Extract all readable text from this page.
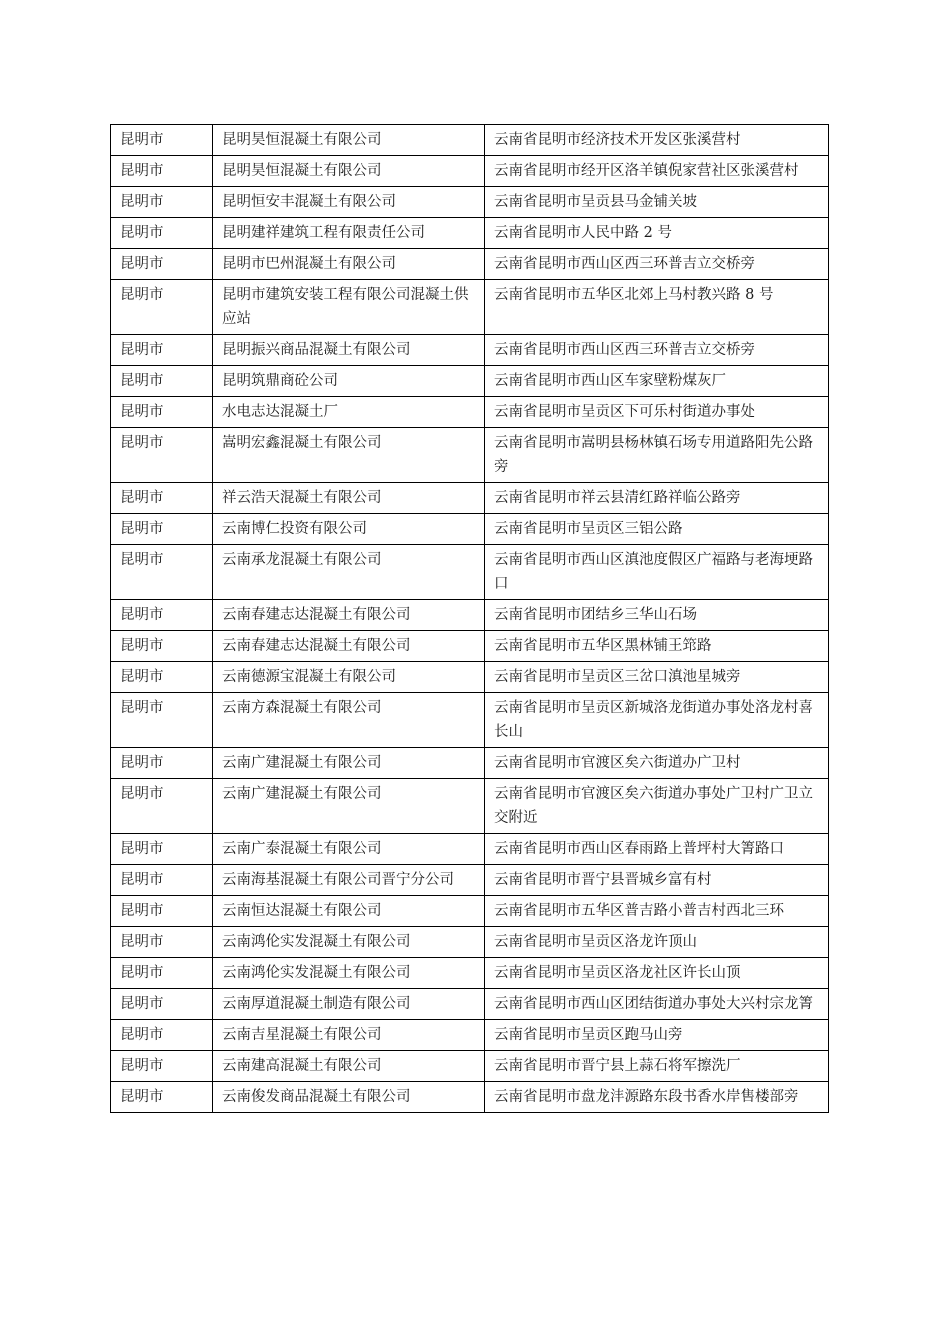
昆明市	昆明昊恒混凝土有限公司	云南省昆明市经济技术开发区张溪营村
昆明市	昆明昊恒混凝土有限公司	云南省昆明市经开区洛羊镇倪家营社区张溪营村
昆明市	昆明恒安丰混凝土有限公司	云南省昆明市呈贡县马金铺关坡
昆明市	昆明建祥建筑工程有限责任公司	云南省昆明市人民中路 2 号
昆明市	昆明市巴州混凝土有限公司	云南省昆明市西山区西三环普吉立交桥旁
昆明市	昆明市建筑安装工程有限公司混凝土供应站	云南省昆明市五华区北郊上马村教兴路 8 号
昆明市	昆明振兴商品混凝土有限公司	云南省昆明市西山区西三环普吉立交桥旁
昆明市	昆明筑鼎商砼公司	云南省昆明市西山区车家壁粉煤灰厂
昆明市	水电志达混凝土厂	云南省昆明市呈贡区下可乐村街道办事处
昆明市	嵩明宏鑫混凝土有限公司	云南省昆明市嵩明县杨林镇石场专用道路阳先公路旁
昆明市	祥云浩天混凝土有限公司	云南省昆明市祥云县清红路祥临公路旁
昆明市	云南博仁投资有限公司	云南省昆明市呈贡区三铝公路
昆明市	云南承龙混凝土有限公司	云南省昆明市西山区滇池度假区广福路与老海埂路口
昆明市	云南春建志达混凝土有限公司	云南省昆明市团结乡三华山石场
昆明市	云南春建志达混凝土有限公司	云南省昆明市五华区黑林铺王筇路
昆明市	云南德源宝混凝土有限公司	云南省昆明市呈贡区三岔口滇池星城旁
昆明市	云南方森混凝土有限公司	云南省昆明市呈贡区新城洛龙街道办事处洛龙村喜长山
昆明市	云南广建混凝土有限公司	云南省昆明市官渡区矣六街道办广卫村
昆明市	云南广建混凝土有限公司	云南省昆明市官渡区矣六街道办事处广卫村广卫立交附近
昆明市	云南广泰混凝土有限公司	云南省昆明市西山区春雨路上普坪村大箐路口
昆明市	云南海基混凝土有限公司晋宁分公司	云南省昆明市晋宁县晋城乡富有村
昆明市	云南恒达混凝土有限公司	云南省昆明市五华区普吉路小普吉村西北三环
昆明市	云南鸿伦实发混凝土有限公司	云南省昆明市呈贡区洛龙许顶山
昆明市	云南鸿伦实发混凝土有限公司	云南省昆明市呈贡区洛龙社区许长山顶
昆明市	云南厚道混凝土制造有限公司	云南省昆明市西山区团结街道办事处大兴村宗龙箐
昆明市	云南吉星混凝土有限公司	云南省昆明市呈贡区跑马山旁
昆明市	云南建高混凝土有限公司	云南省昆明市晋宁县上蒜石将军擦洗厂
昆明市	云南俊发商品混凝土有限公司	云南省昆明市盘龙沣源路东段书香水岸售楼部旁
